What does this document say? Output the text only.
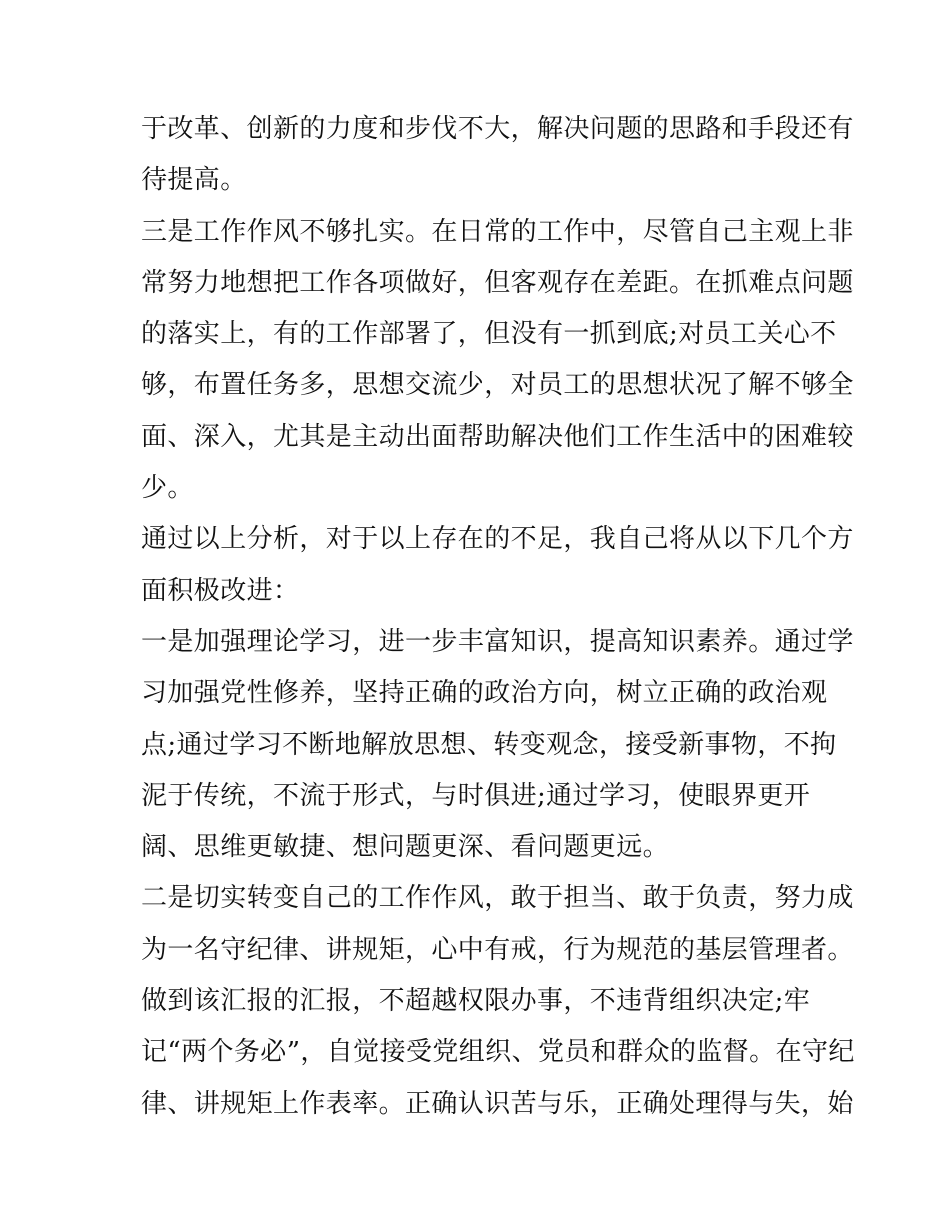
于改革、创新的力度和步伐不大，解决问题的思路和手段还有
待提高。
三是工作作风不够扎实。在日常的工作中，尽管自己主观上非
常努力地想把工作各项做好，但客观存在差距。在抓难点问题
的落实上，有的工作部署了，但没有一抓到底;对员工关心不
够，布置任务多，思想交流少，对员工的思想状况了解不够全
面、深入，尤其是主动出面帮助解决他们工作生活中的困难较
少。
通过以上分析，对于以上存在的不足，我自己将从以下几个方
面积极改进：
一是加强理论学习，进一步丰富知识，提高知识素养。通过学
习加强党性修养，坚持正确的政治方向，树立正确的政治观
点;通过学习不断地解放思想、转变观念，接受新事物，不拘
泥于传统，不流于形式，与时俱进;通过学习，使眼界更开
阔、思维更敏捷、想问题更深、看问题更远。
二是切实转变自己的工作作风，敢于担当、敢于负责，努力成
为一名守纪律、讲规矩，心中有戒，行为规范的基层管理者。
做到该汇报的汇报，不超越权限办事，不违背组织决定;牢
记“两个务必”，自觉接受党组织、党员和群众的监督。在守纪
律、讲规矩上作表率。正确认识苦与乐，正确处理得与失，始
